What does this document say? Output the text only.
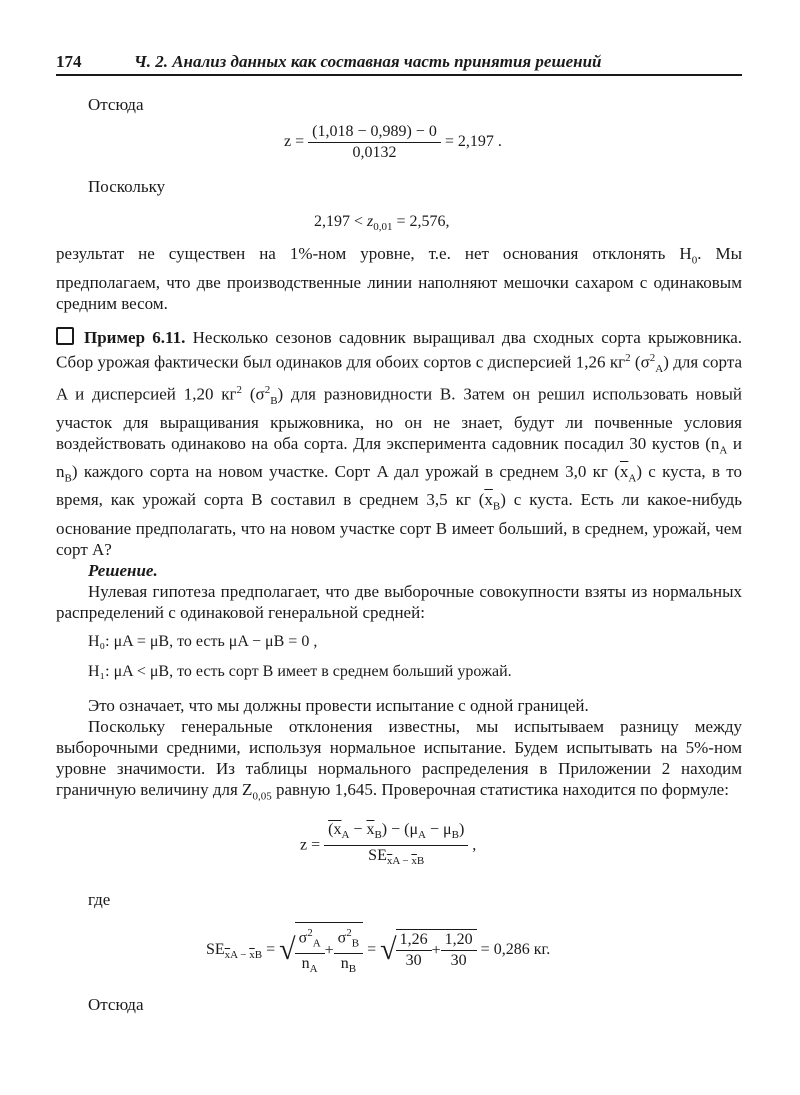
174	Ч. 2. Анализ данных как составная часть принятия решений

Отсюда

$z = \frac{(1,018 - 0,989) - 0}{0,0132} = 2,197$ .

Поскольку

$2,197 < z_{0,01} = 2,576$,

результат не существен на 1%-ном уровне, т.е. нет основания отклонять $H_0$. Мы предполагаем, что две производственные линии наполняют мешочки сахаром с одинаковым средним весом.

Пример 6.11. Несколько сезонов садовник выращивал два сходных сорта крыжовника. Сбор урожая фактически был одинаков для обоих сортов с дисперсией 1,26 $кг^2$ $(\sigma^2_A)$ для сорта A и дисперсией 1,20 $кг^2$ $(\sigma^2_B)$ для разновидности B. Затем он решил использовать новый участок для выращивания крыжовника, но он не знает, будут ли почвенные условия воздействовать одинаково на оба сорта. Для эксперимента садовник посадил 30 кустов ($n_A$ и $n_B$) каждого сорта на новом участке. Сорт A дал урожай в среднем 3,0 кг $(\overline{x}_A)$ с куста, в то время, как урожай сорта B составил в среднем 3,5 кг $(\overline{x}_B)$ с куста. Есть ли какое-нибудь основание предполагать, что на новом участке сорт B имеет больший, в среднем, урожай, чем сорт A?

Решение.

Нулевая гипотеза предполагает, что две выборочные совокупности взяты из нормальных распределений с одинаковой генеральной средней:

H₀: μA = μB, то есть μA − μB = 0 ,
H₁: μA < μB, то есть сорт B имеет в среднем больший урожай.

Это означает, что мы должны провести испытание с одной границей.

Поскольку генеральные отклонения известны, мы испытываем разницу между выборочными средними, используя нормальное испытание. Будем испытывать на 5%-ном уровне значимости. Из таблицы нормального распределения в Приложении 2 находим граничную величину для $Z_{0,05}$ равную 1,645. Проверочная статистика находится по формуле:

$z = \frac{(x_A - \overline{x}_B) - (\mu_A - \mu_B)}{SE_{\overline{x}A - \overline{x}B}}$ ,

где

$SE_{\overline{x}A - \overline{x}B}$ = √ $\frac{\sigma^2_A}{n_A} + \frac{\sigma^2_B}{n_B}$ = √ $\frac{1,26}{30} + \frac{1,20}{30} = 0,286$ кг.

Отсюда
